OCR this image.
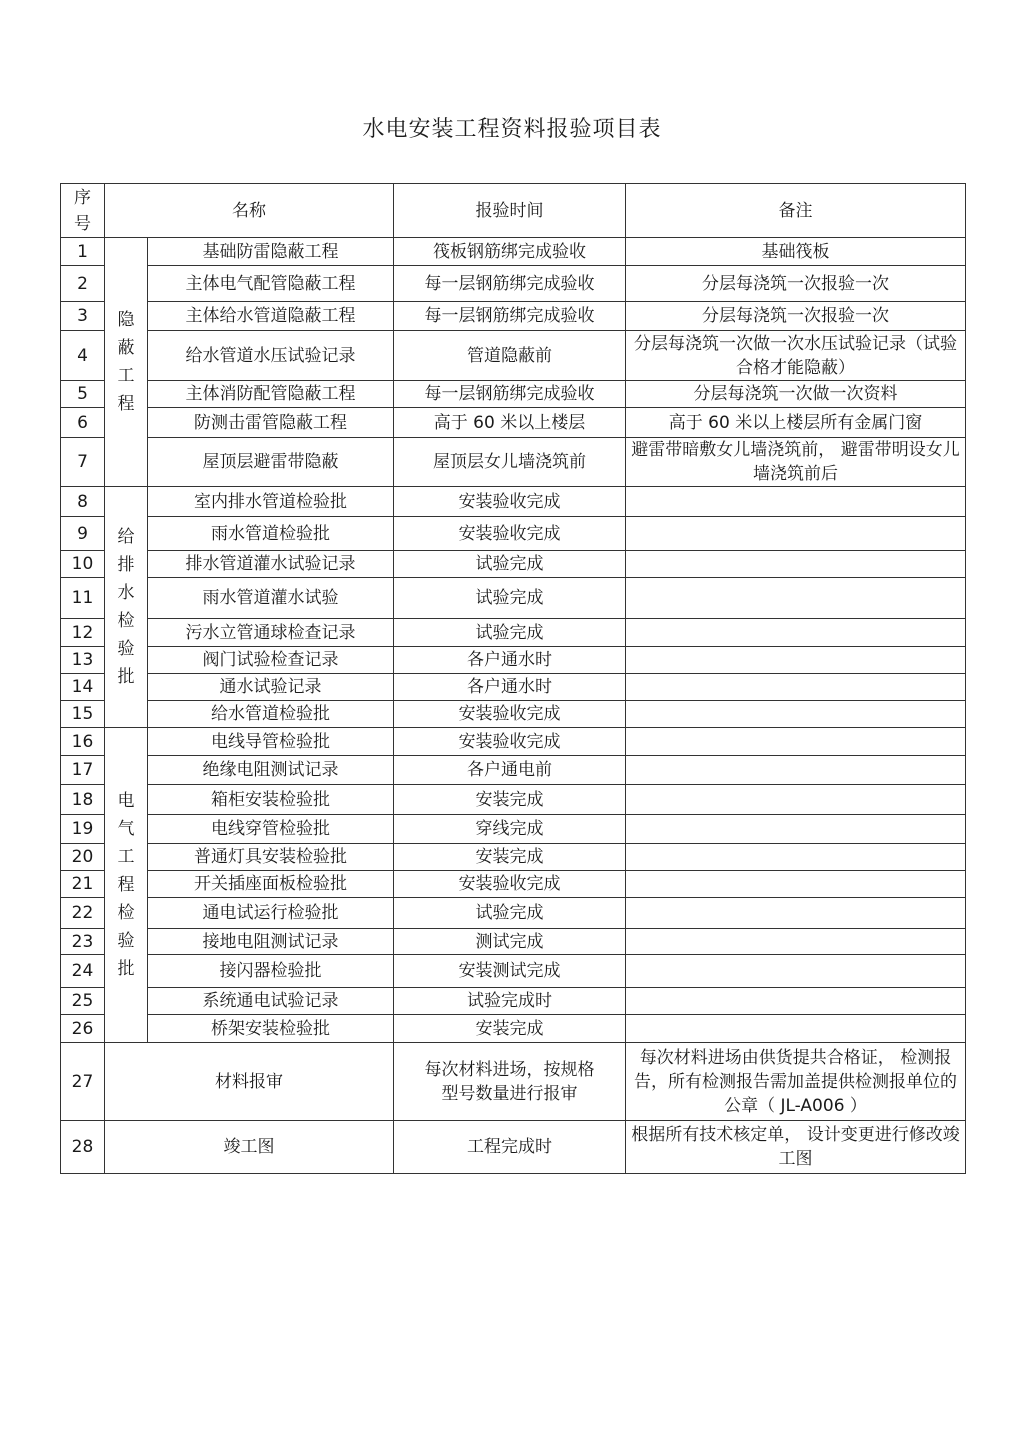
水电安装工程资料报验项目表
序号	名称		报验时间	备注
1	隐蔽工程	基础防雷隐蔽工程	筏板钢筋绑完成验收	基础筏板
2		主体电气配管隐蔽工程	每一层钢筋绑完成验收	分层每浇筑一次报验一次
3		主体给水管道隐蔽工程	每一层钢筋绑完成验收	分层每浇筑一次报验一次
4		给水管道水压试验记录	管道隐蔽前	分层每浇筑一次做一次水压试验记录（试验合格才能隐蔽）
5		主体消防配管隐蔽工程	每一层钢筋绑完成验收	分层每浇筑一次做一次资料
6		防测击雷管隐蔽工程	高于 60 米以上楼层	高于 60 米以上楼层所有金属门窗
7		屋顶层避雷带隐蔽	屋顶层女儿墙浇筑前	避雷带暗敷女儿墙浇筑前， 避雷带明设女儿墙浇筑前后
8	给排水检验批	室内排水管道检验批	安装验收完成	
9		雨水管道检验批	安装验收完成	
10		排水管道灌水试验记录	试验完成	
11		雨水管道灌水试验	试验完成	
12		污水立管通球检查记录	试验完成	
13		阀门试验检查记录	各户通水时	
14		通水试验记录	各户通水时	
15		给水管道检验批	安装验收完成	
16	电气工程检验批	电线导管检验批	安装验收完成	
17		绝缘电阻测试记录	各户通电前	
18		箱柜安装检验批	安装完成	
19		电线穿管检验批	穿线完成	
20		普通灯具安装检验批	安装完成	
21		开关插座面板检验批	安装验收完成	
22		通电试运行检验批	试验完成	
23		接地电阻测试记录	测试完成	
24		接闪器检验批	安装测试完成	
25		系统通电试验记录	试验完成时	
26		桥架安装检验批	安装完成	
27	材料报审		每次材料进场，按规格型号数量进行报审	每次材料进场由供货提共合格证， 检测报告，所有检测报告需加盖提供检测报单位的公章（ JL-A006 ）
28	竣工图		工程完成时	根据所有技术核定单， 设计变更进行修改竣工图
